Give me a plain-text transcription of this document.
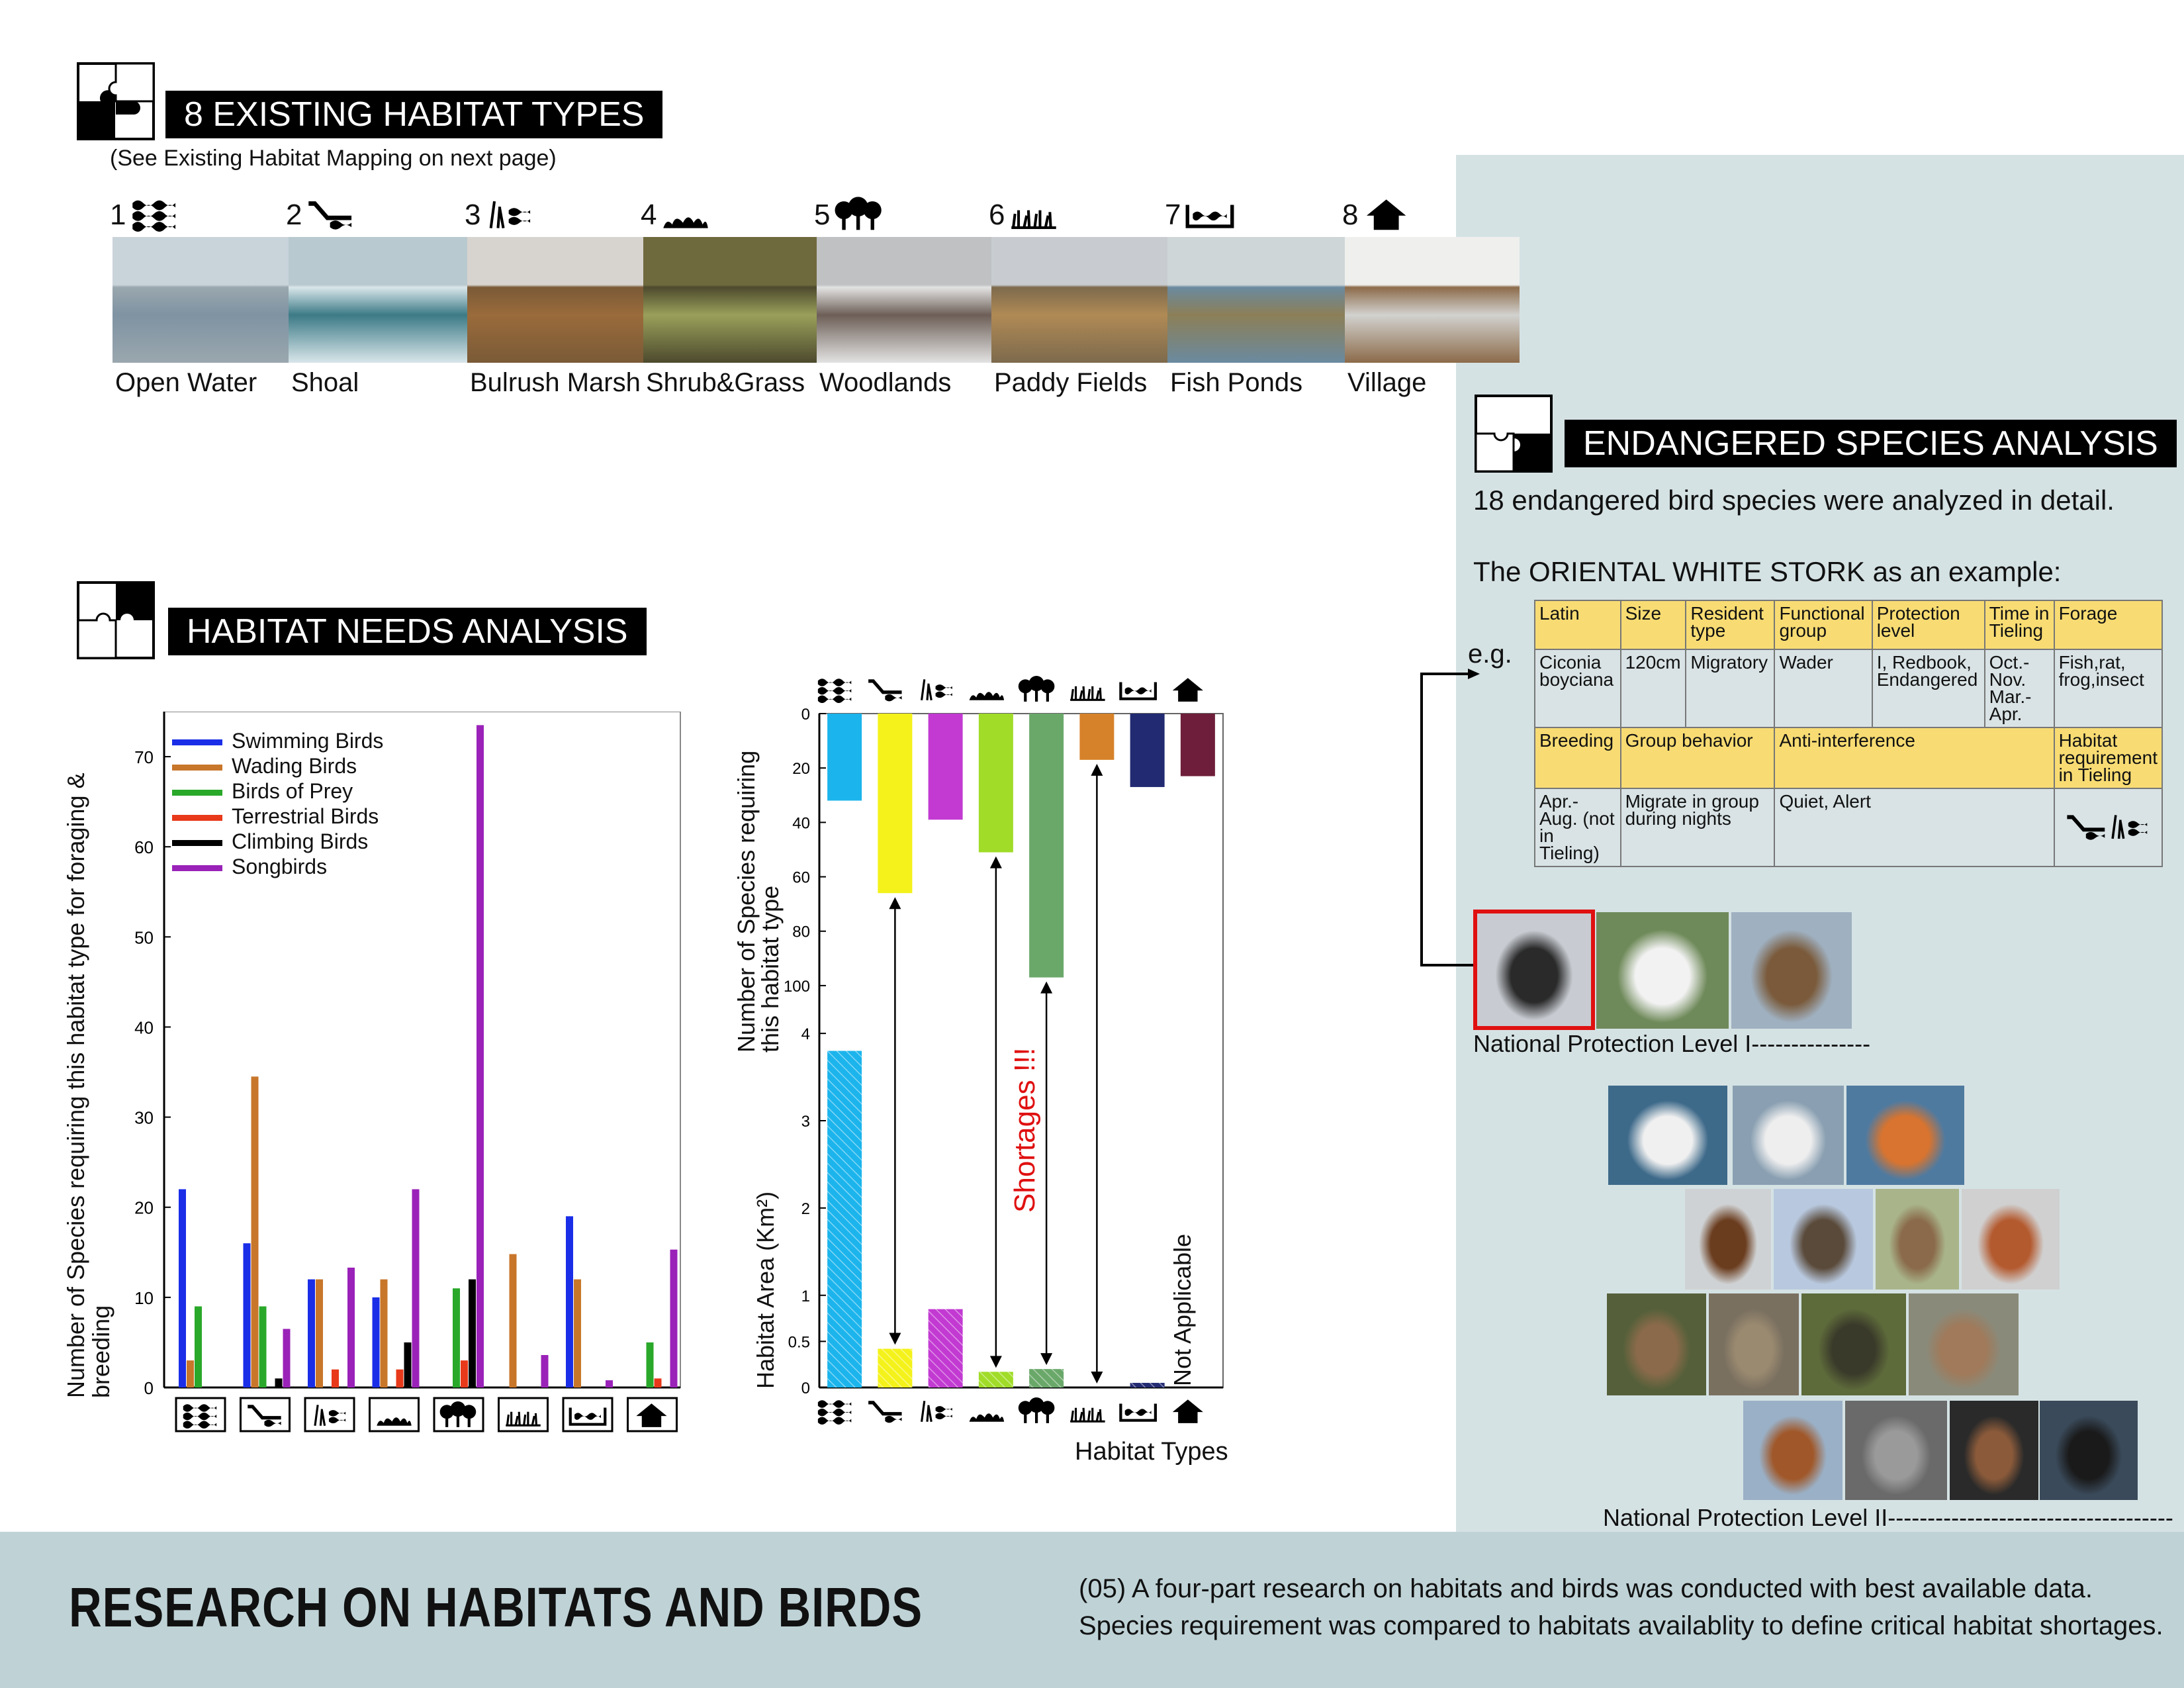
8 EXISTING HABITAT TYPES
(See Existing Habitat Mapping on next page)
1
Open Water
2
Shoal
3
Bulrush Marsh
4
Shrub&Grass
5
Woodlands
6
Paddy Fields
7
Fish Ponds
8
Village
HABITAT NEEDS ANALYSIS
0
10
20
30
40
50
60
70
Swimming Birds
Wading Birds
Birds of Prey
Terrestrial Birds
Climbing Birds
Songbirds
Number of Species requiring this habitat type for foraging & breeding
0
20
40
60
80
100
0
0.5
1
2
3
4
Number of Species requiring this habitat type
Habitat Area (Km²)
Habitat Types
Shortages !!!
Not Applicable
ENDANGERED SPECIES ANALYSIS
18 endangered bird species were analyzed in detail.
The ORIENTAL WHITE STORK as an example:
e.g.
Latin	Size	Resident type	Functional group	Protection level	Time in Tieling	Forage
Ciconia boyciana	120cm	Migratory	Wader	I, Redbook, Endangered	Oct.-Nov. Mar.-Apr.	Fish,rat, frog,insect
Breeding	Group behavior		Anti-interference			Habitat requirement in Tieling
Apr.-Aug. (not in Tieling)	Migrate in group during nights		Quiet, Alert	
National Protection Level I---------------
National Protection Level II------------------------------------
RESEARCH ON HABITATS AND BIRDS	(05) A four-part research on habitats and birds was conducted with best available data.
Species requirement was compared to habitats availablity to define critical habitat shortages.
